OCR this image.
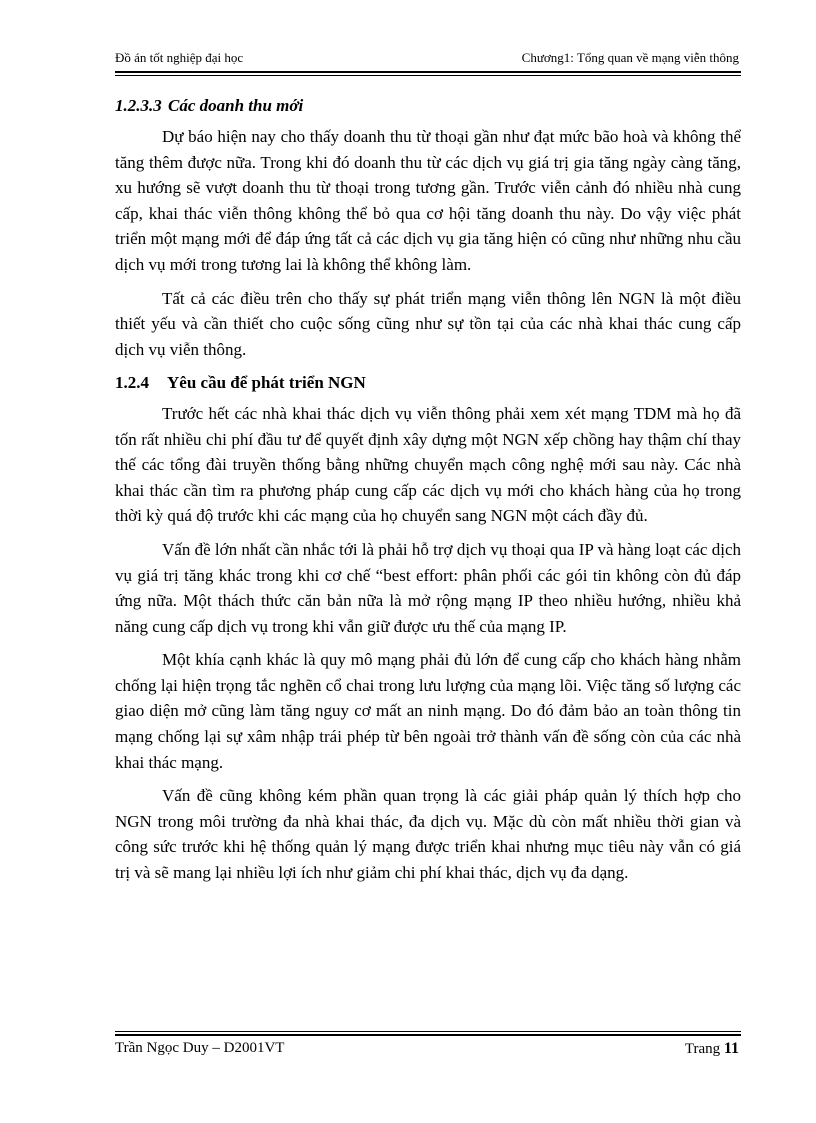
Đồ án tốt nghiệp đại học	Chương1: Tổng quan về mạng viễn thông
1.2.3.3 Các doanh thu mới

Dự báo hiện nay cho thấy doanh thu từ thoại gần như đạt mức bão hoà và không thể tăng thêm được nữa. Trong khi đó doanh thu từ các dịch vụ giá trị gia tăng ngày càng tăng, xu hướng sẽ vượt doanh thu từ thoại trong tương gần. Trước viễn cảnh đó nhiều nhà cung cấp, khai thác viễn thông không thể bỏ qua cơ hội tăng doanh thu này. Do vậy việc phát triển một mạng mới để đáp ứng tất cả các dịch vụ gia tăng hiện có cũng như những nhu cầu dịch vụ mới trong tương lai là không thể không làm.

Tất cả các điều trên cho thấy sự phát triển mạng viễn thông lên NGN là một điều thiết yếu và cần thiết cho cuộc sống cũng như sự tồn tại của các nhà khai thác cung cấp dịch vụ viễn thông.

1.2.4 Yêu cầu để phát triển NGN

Trước hết các nhà khai thác dịch vụ viễn thông phải xem xét mạng TDM mà họ đã tốn rất nhiều chi phí đầu tư để quyết định xây dựng một NGN xếp chồng hay thậm chí thay thế các tổng đài truyền thống bằng những chuyển mạch công nghệ mới sau này. Các nhà khai thác cần tìm ra phương pháp cung cấp các dịch vụ mới cho khách hàng của họ trong thời kỳ quá độ trước khi các mạng của họ chuyển sang NGN một cách đầy đủ.

Vấn đề lớn nhất cần nhắc tới là phải hỗ trợ dịch vụ thoại qua IP và hàng loạt các dịch vụ giá trị tăng khác trong khi cơ chế “best effort: phân phối các gói tin không còn đủ đáp ứng nữa. Một thách thức căn bản nữa là mở rộng mạng IP theo nhiều hướng, nhiều khả năng cung cấp dịch vụ trong khi vẫn giữ được ưu thế của mạng IP.

Một khía cạnh khác là quy mô mạng phải đủ lớn để cung cấp cho khách hàng nhằm chống lại hiện trọng tắc nghẽn cổ chai trong lưu lượng của mạng lõi. Việc tăng số lượng các giao diện mở cũng làm tăng nguy cơ mất an ninh mạng. Do đó đảm bảo an toàn thông tin mạng chống lại sự xâm nhập trái phép từ bên ngoài trở thành vấn đề sống còn của các nhà khai thác mạng.

Vấn đề cũng không kém phần quan trọng là các giải pháp quản lý thích hợp cho NGN trong môi trường đa nhà khai thác, đa dịch vụ. Mặc dù còn mất nhiều thời gian và công sức trước khi hệ thống quản lý mạng được triển khai nhưng mục tiêu này vẫn có giá trị và sẽ mang lại nhiều lợi ích như giảm chi phí khai thác, dịch vụ đa dạng.

Trần Ngọc Duy – D2001VT	Trang 11
